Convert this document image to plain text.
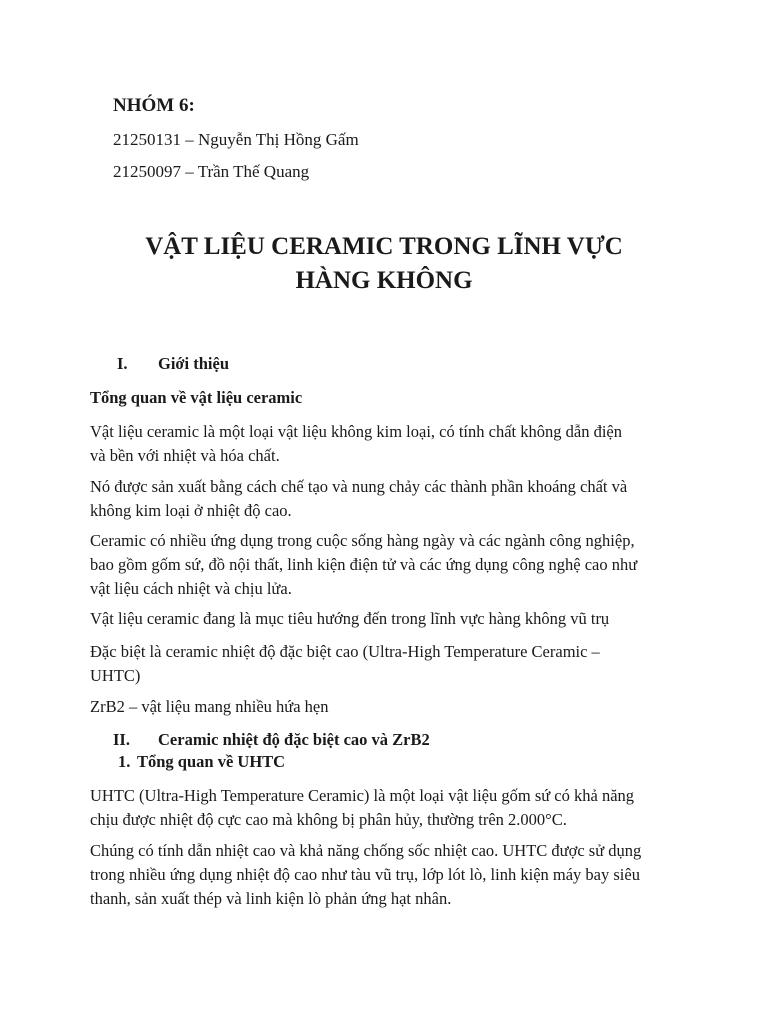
NHÓM 6:
21250131 – Nguyễn Thị Hồng Gấm
21250097 – Trần Thế Quang
VẬT LIỆU CERAMIC TRONG LĨNH VỰC
HÀNG KHÔNG
I. Giới thiệu
Tổng quan về vật liệu ceramic
Vật liệu ceramic là một loại vật liệu không kim loại, có tính chất không dẫn điện
và bền với nhiệt và hóa chất.
Nó được sản xuất bằng cách chế tạo và nung chảy các thành phần khoáng chất và
không kim loại ở nhiệt độ cao.
Ceramic có nhiều ứng dụng trong cuộc sống hàng ngày và các ngành công nghiệp,
bao gồm gốm sứ, đồ nội thất, linh kiện điện tử và các ứng dụng công nghệ cao như
vật liệu cách nhiệt và chịu lửa.
Vật liệu ceramic đang là mục tiêu hướng đến trong lĩnh vực hàng không vũ trụ
Đặc biệt là ceramic nhiệt độ đặc biệt cao (Ultra-High Temperature Ceramic –
UHTC)
ZrB2 – vật liệu mang nhiều hứa hẹn
II. Ceramic nhiệt độ đặc biệt cao và ZrB2
1. Tổng quan về UHTC
UHTC (Ultra-High Temperature Ceramic) là một loại vật liệu gốm sứ có khả năng
chịu được nhiệt độ cực cao mà không bị phân hủy, thường trên 2.000°C.
Chúng có tính dẫn nhiệt cao và khả năng chống sốc nhiệt cao. UHTC được sử dụng
trong nhiều ứng dụng nhiệt độ cao như tàu vũ trụ, lớp lót lò, linh kiện máy bay siêu
thanh, sản xuất thép và linh kiện lò phản ứng hạt nhân.
